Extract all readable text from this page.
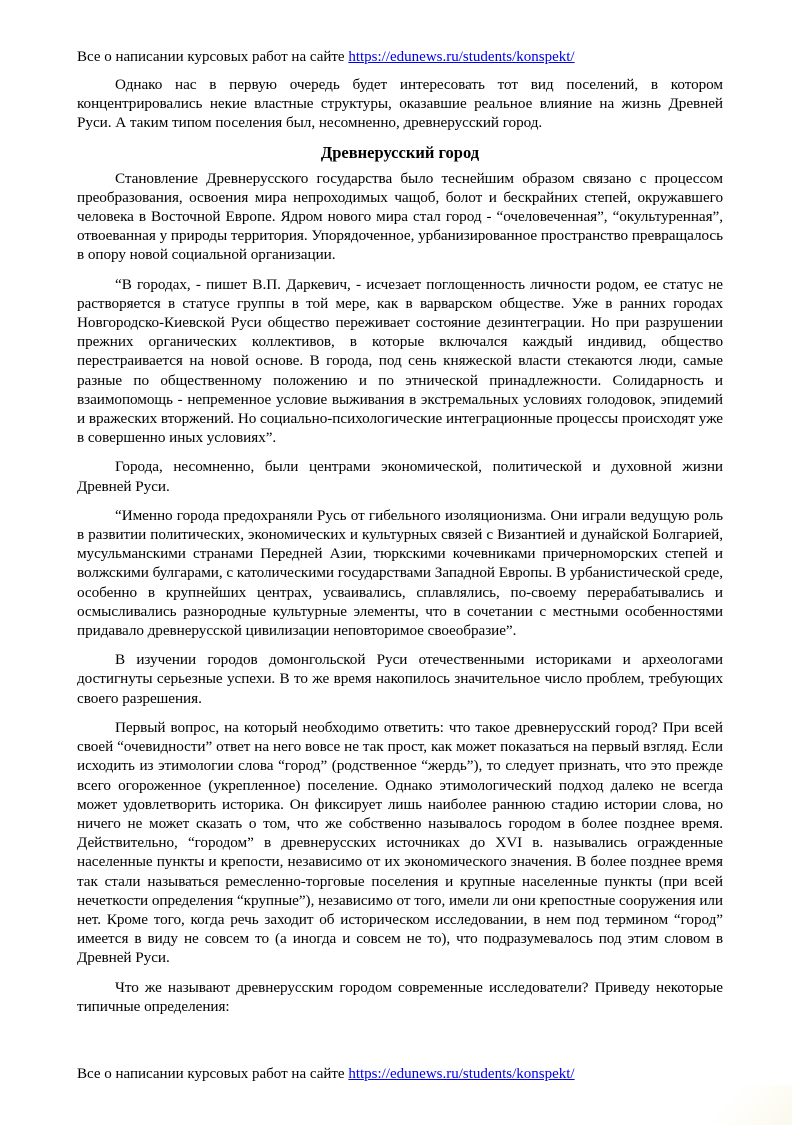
Все о написании курсовых работ на сайте https://edunews.ru/students/konspekt/

Однако нас в первую очередь будет интересовать тот вид поселений, в котором концентрировались некие властные структуры, оказавшие реальное влияние на жизнь Древней Руси. А таким типом поселения был, несомненно, древнерусский город.

Древнерусский город

Становление Древнерусского государства было теснейшим образом связано с процессом преобразования, освоения мира непроходимых чащоб, болот и бескрайних степей, окружавшего человека в Восточной Европе. Ядром нового мира стал город - “очеловеченная”, “окультуренная”, отвоеванная у природы территория. Упорядоченное, урбанизированное пространство превращалось в опору новой социальной организации.

“В городах, - пишет В.П. Даркевич, - исчезает поглощенность личности родом, ее статус не растворяется в статусе группы в той мере, как в варварском обществе. Уже в ранних городах Новгородско-Киевской Руси общество переживает состояние дезинтеграции. Но при разрушении прежних органических коллективов, в которые включался каждый индивид, общество перестраивается на новой основе. В города, под сень княжеской власти стекаются люди, самые разные по общественному положению и по этнической принадлежности. Солидарность и взаимопомощь - непременное условие выживания в экстремальных условиях голодовок, эпидемий и вражеских вторжений. Но социально-психологические интеграционные процессы происходят уже в совершенно иных условиях”.

Города, несомненно, были центрами экономической, политической и духовной жизни Древней Руси.

“Именно города предохраняли Русь от гибельного изоляционизма. Они играли ведущую роль в развитии политических, экономических и культурных связей с Византией и дунайской Болгарией, мусульманскими странами Передней Азии, тюркскими кочевниками причерноморских степей и волжскими булгарами, с католическими государствами Западной Европы. В урбанистической среде, особенно в крупнейших центрах, усваивались, сплавлялись, по-своему перерабатывались и осмысливались разнородные культурные элементы, что в сочетании с местными особенностями придавало древнерусской цивилизации неповторимое своеобразие”.

В изучении городов домонгольской Руси отечественными историками и археологами достигнуты серьезные успехи. В то же время накопилось значительное число проблем, требующих своего разрешения.

Первый вопрос, на который необходимо ответить: что такое древнерусский город? При всей своей “очевидности” ответ на него вовсе не так прост, как может показаться на первый взгляд. Если исходить из этимологии слова “город” (родственное “жердь”), то следует признать, что это прежде всего огороженное (укрепленное) поселение. Однако этимологический подход далеко не всегда может удовлетворить историка. Он фиксирует лишь наиболее раннюю стадию истории слова, но ничего не может сказать о том, что же собственно называлось городом в более позднее время. Действительно, “городом” в древнерусских источниках до XVI в. назывались огражденные населенные пункты и крепости, независимо от их экономического значения. В более позднее время так стали называться ремесленно-торговые поселения и крупные населенные пункты (при всей нечеткости определения “крупные”), независимо от того, имели ли они крепостные сооружения или нет. Кроме того, когда речь заходит об историческом исследовании, в нем под термином “город” имеется в виду не совсем то (а иногда и совсем не то), что подразумевалось под этим словом в Древней Руси.

Что же называют древнерусским городом современные исследователи? Приведу некоторые типичные определения:

Все о написании курсовых работ на сайте https://edunews.ru/students/konspekt/
